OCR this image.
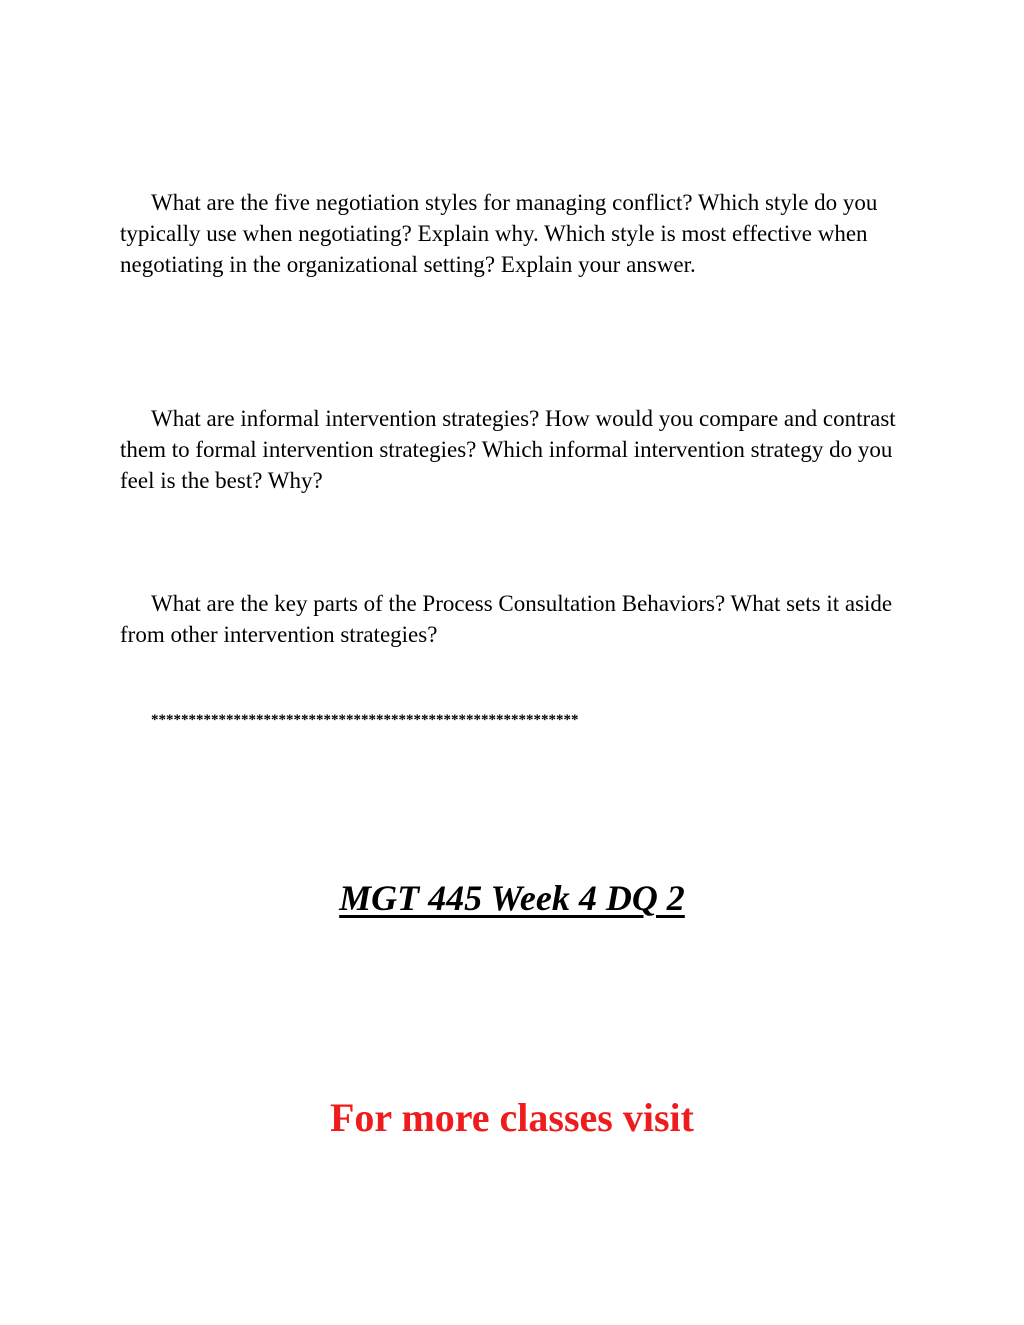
What are the five negotiation styles for managing conflict? Which style do you typically use when negotiating? Explain why. Which style is most effective when negotiating in the organizational setting? Explain your answer.

What are informal intervention strategies? How would you compare and contrast them to formal intervention strategies? Which informal intervention strategy do you feel is the best? Why?

What are the key parts of the Process Consultation Behaviors? What sets it aside from other intervention strategies?

*********************************************************

MGT 445 Week 4 DQ 2
For more classes visit
